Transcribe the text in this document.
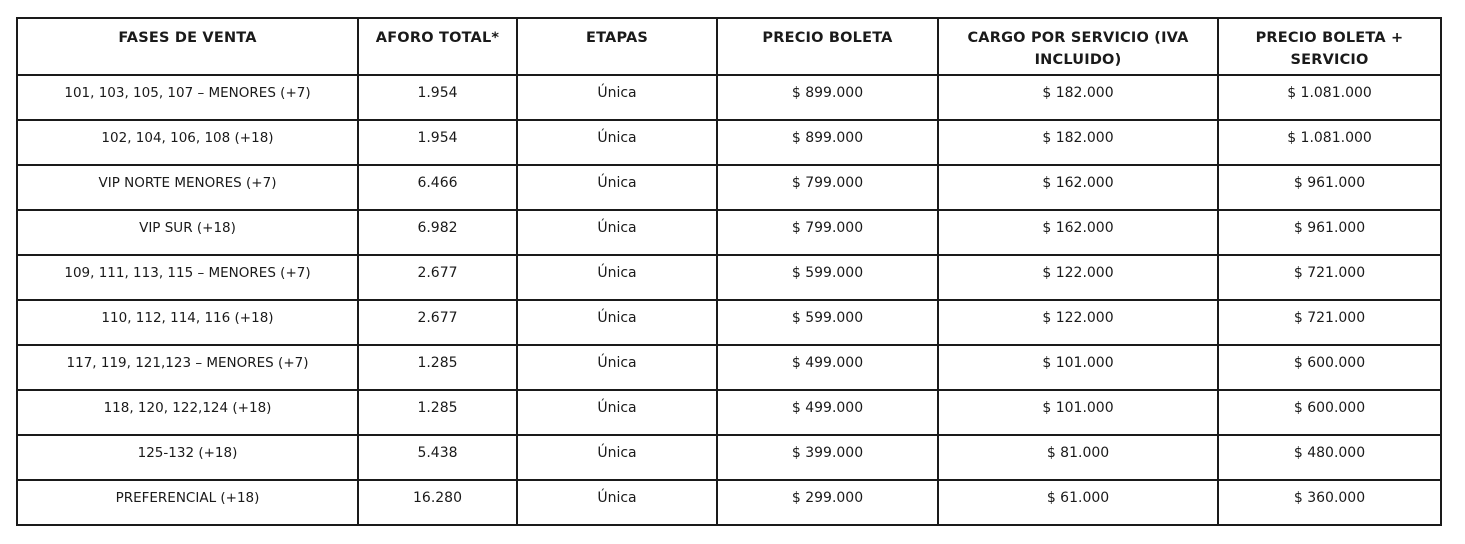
FASES DE VENTA	AFORO TOTAL*	ETAPAS	PRECIO BOLETA	CARGO POR SERVICIO (IVA INCLUIDO)	PRECIO BOLETA + SERVICIO
101, 103, 105, 107 – MENORES (+7)	1.954	Única	$ 899.000	$ 182.000	$ 1.081.000
102, 104, 106, 108 (+18)	1.954	Única	$ 899.000	$ 182.000	$ 1.081.000
VIP NORTE MENORES (+7)	6.466	Única	$ 799.000	$ 162.000	$ 961.000
VIP SUR (+18)	6.982	Única	$ 799.000	$ 162.000	$ 961.000
109, 111, 113, 115 – MENORES (+7)	2.677	Única	$ 599.000	$ 122.000	$ 721.000
110, 112, 114, 116 (+18)	2.677	Única	$ 599.000	$ 122.000	$ 721.000
117, 119, 121,123 – MENORES (+7)	1.285	Única	$ 499.000	$ 101.000	$ 600.000
118, 120, 122,124 (+18)	1.285	Única	$ 499.000	$ 101.000	$ 600.000
125-132 (+18)	5.438	Única	$ 399.000	$ 81.000	$ 480.000
PREFERENCIAL (+18)	16.280	Única	$ 299.000	$ 61.000	$ 360.000
